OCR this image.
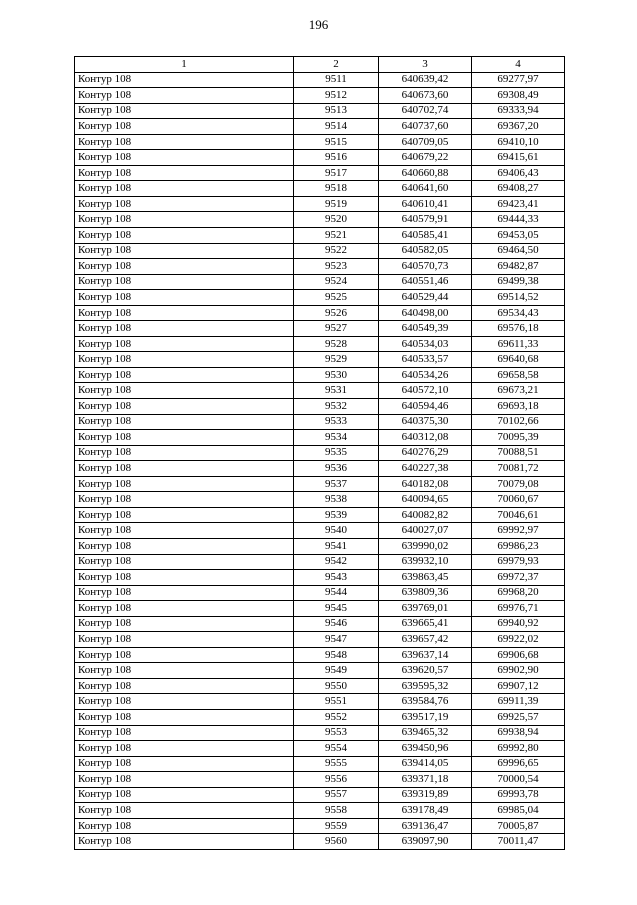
196
1	2	3	4
Контур 108	9511	640639,42	69277,97
Контур 108	9512	640673,60	69308,49
Контур 108	9513	640702,74	69333,94
Контур 108	9514	640737,60	69367,20
Контур 108	9515	640709,05	69410,10
Контур 108	9516	640679,22	69415,61
Контур 108	9517	640660,88	69406,43
Контур 108	9518	640641,60	69408,27
Контур 108	9519	640610,41	69423,41
Контур 108	9520	640579,91	69444,33
Контур 108	9521	640585,41	69453,05
Контур 108	9522	640582,05	69464,50
Контур 108	9523	640570,73	69482,87
Контур 108	9524	640551,46	69499,38
Контур 108	9525	640529,44	69514,52
Контур 108	9526	640498,00	69534,43
Контур 108	9527	640549,39	69576,18
Контур 108	9528	640534,03	69611,33
Контур 108	9529	640533,57	69640,68
Контур 108	9530	640534,26	69658,58
Контур 108	9531	640572,10	69673,21
Контур 108	9532	640594,46	69693,18
Контур 108	9533	640375,30	70102,66
Контур 108	9534	640312,08	70095,39
Контур 108	9535	640276,29	70088,51
Контур 108	9536	640227,38	70081,72
Контур 108	9537	640182,08	70079,08
Контур 108	9538	640094,65	70060,67
Контур 108	9539	640082,82	70046,61
Контур 108	9540	640027,07	69992,97
Контур 108	9541	639990,02	69986,23
Контур 108	9542	639932,10	69979,93
Контур 108	9543	639863,45	69972,37
Контур 108	9544	639809,36	69968,20
Контур 108	9545	639769,01	69976,71
Контур 108	9546	639665,41	69940,92
Контур 108	9547	639657,42	69922,02
Контур 108	9548	639637,14	69906,68
Контур 108	9549	639620,57	69902,90
Контур 108	9550	639595,32	69907,12
Контур 108	9551	639584,76	69911,39
Контур 108	9552	639517,19	69925,57
Контур 108	9553	639465,32	69938,94
Контур 108	9554	639450,96	69992,80
Контур 108	9555	639414,05	69996,65
Контур 108	9556	639371,18	70000,54
Контур 108	9557	639319,89	69993,78
Контур 108	9558	639178,49	69985,04
Контур 108	9559	639136,47	70005,87
Контур 108	9560	639097,90	70011,47
